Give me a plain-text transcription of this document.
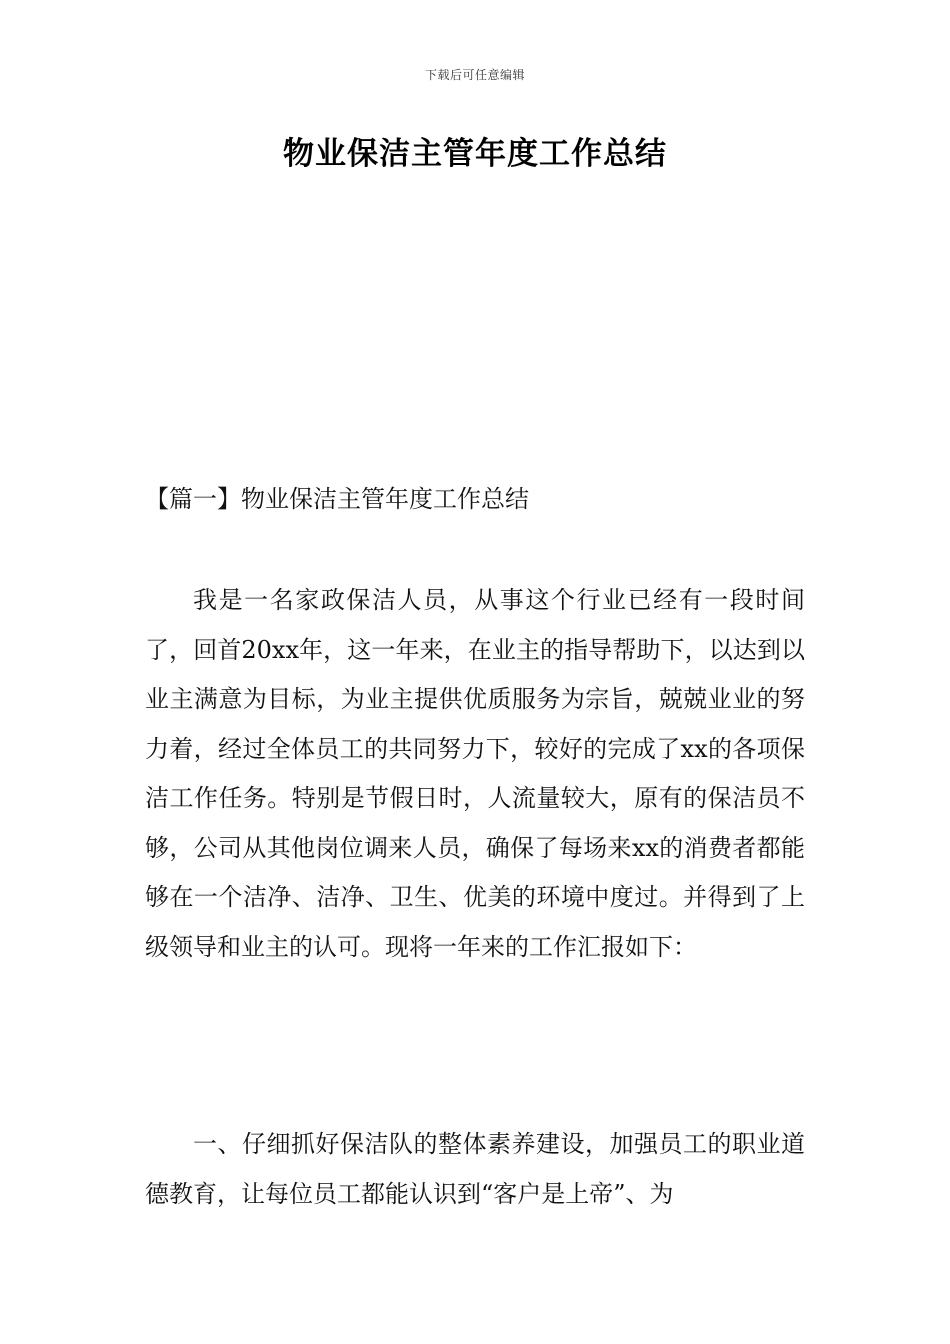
下载后可任意编辑
物业保洁主管年度工作总结
【篇一】物业保洁主管年度工作总结

我是一名家政保洁人员，从事这个行业已经有一段时间了，回首20xx年，这一年来，在业主的指导帮助下，以达到以业主满意为目标，为业主提供优质服务为宗旨，兢兢业业的努力着，经过全体员工的共同努力下，较好的完成了xx的各项保洁工作任务。特别是节假日时，人流量较大，原有的保洁员不够，公司从其他岗位调来人员，确保了每场来xx的消费者都能够在一个洁净、洁净、卫生、优美的环境中度过。并得到了上级领导和业主的认可。现将一年来的工作汇报如下：

一、仔细抓好保洁队的整体素养建设，加强员工的职业道德教育，让每位员工都能认识到“客户是上帝”、为
